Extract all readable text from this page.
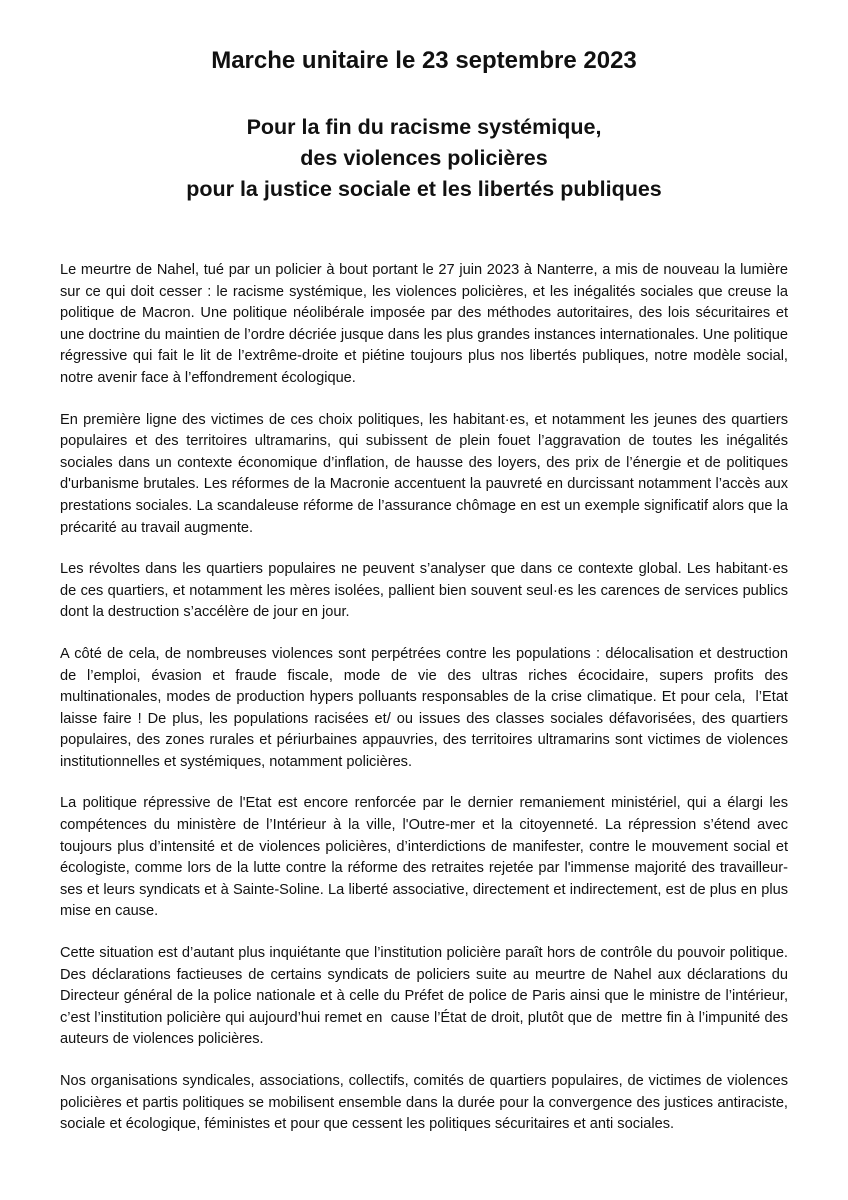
Marche unitaire le 23 septembre 2023
Pour la fin du racisme systémique,
des violences policières
pour la justice sociale et les libertés publiques

Le meurtre de Nahel, tué par un policier à bout portant le 27 juin 2023 à Nanterre, a mis de nouveau la lumière sur ce qui doit cesser : le racisme systémique, les violences policières, et les inégalités sociales que creuse la politique de Macron. Une politique néolibérale imposée par des méthodes autoritaires, des lois sécuritaires et une doctrine du maintien de l’ordre décriée jusque dans les plus grandes instances internationales. Une politique régressive qui fait le lit de l’extrême-droite et piétine toujours plus nos libertés publiques, notre modèle social, notre avenir face à l’effondrement écologique.

En première ligne des victimes de ces choix politiques, les habitant·es, et notamment les jeunes des quartiers populaires et des territoires ultramarins, qui subissent de plein fouet l’aggravation de toutes les inégalités sociales dans un contexte économique d’inflation, de hausse des loyers, des prix de l’énergie et de politiques d'urbanisme brutales. Les réformes de la Macronie accentuent la pauvreté en durcissant notamment l’accès aux prestations sociales. La scandaleuse réforme de l’assurance chômage en est un exemple significatif alors que la précarité au travail augmente.

Les révoltes dans les quartiers populaires ne peuvent s’analyser que dans ce contexte global. Les habitant·es de ces quartiers, et notamment les mères isolées, pallient bien souvent seul·es les carences de services publics dont la destruction s’accélère de jour en jour.

A côté de cela, de nombreuses violences sont perpétrées contre les populations : délocalisation et destruction de l’emploi, évasion et fraude fiscale, mode de vie des ultras riches écocidaire, supers profits des multinationales, modes de production hypers polluants responsables de la crise climatique. Et pour cela,  l’Etat laisse faire ! De plus, les populations racisées et/ ou issues des classes sociales défavorisées, des quartiers populaires, des zones rurales et périurbaines appauvries, des territoires ultramarins sont victimes de violences institutionnelles et systémiques, notamment policières.

La politique répressive de l'Etat est encore renforcée par le dernier remaniement ministériel, qui a élargi les compétences du ministère de l’Intérieur à la ville, l'Outre-mer et la citoyenneté. La répression s’étend avec toujours plus d’intensité et de violences policières, d’interdictions de manifester, contre le mouvement social et écologiste, comme lors de la lutte contre la réforme des retraites rejetée par l'immense majorité des travailleur-ses et leurs syndicats et à Sainte-Soline. La liberté associative, directement et indirectement, est de plus en plus mise en cause.

Cette situation est d’autant plus inquiétante que l’institution policière paraît hors de contrôle du pouvoir politique. Des déclarations factieuses de certains syndicats de policiers suite au meurtre de Nahel aux déclarations du Directeur général de la police nationale et à celle du Préfet de police de Paris ainsi que le ministre de l’intérieur, c’est l’institution policière qui aujourd’hui remet en  cause l’État de droit, plutôt que de  mettre fin à l’impunité des auteurs de violences policières.

Nos organisations syndicales, associations, collectifs, comités de quartiers populaires, de victimes de violences policières et partis politiques se mobilisent ensemble dans la durée pour la convergence des justices antiraciste, sociale et écologique, féministes et pour que cessent les politiques sécuritaires et anti sociales.
